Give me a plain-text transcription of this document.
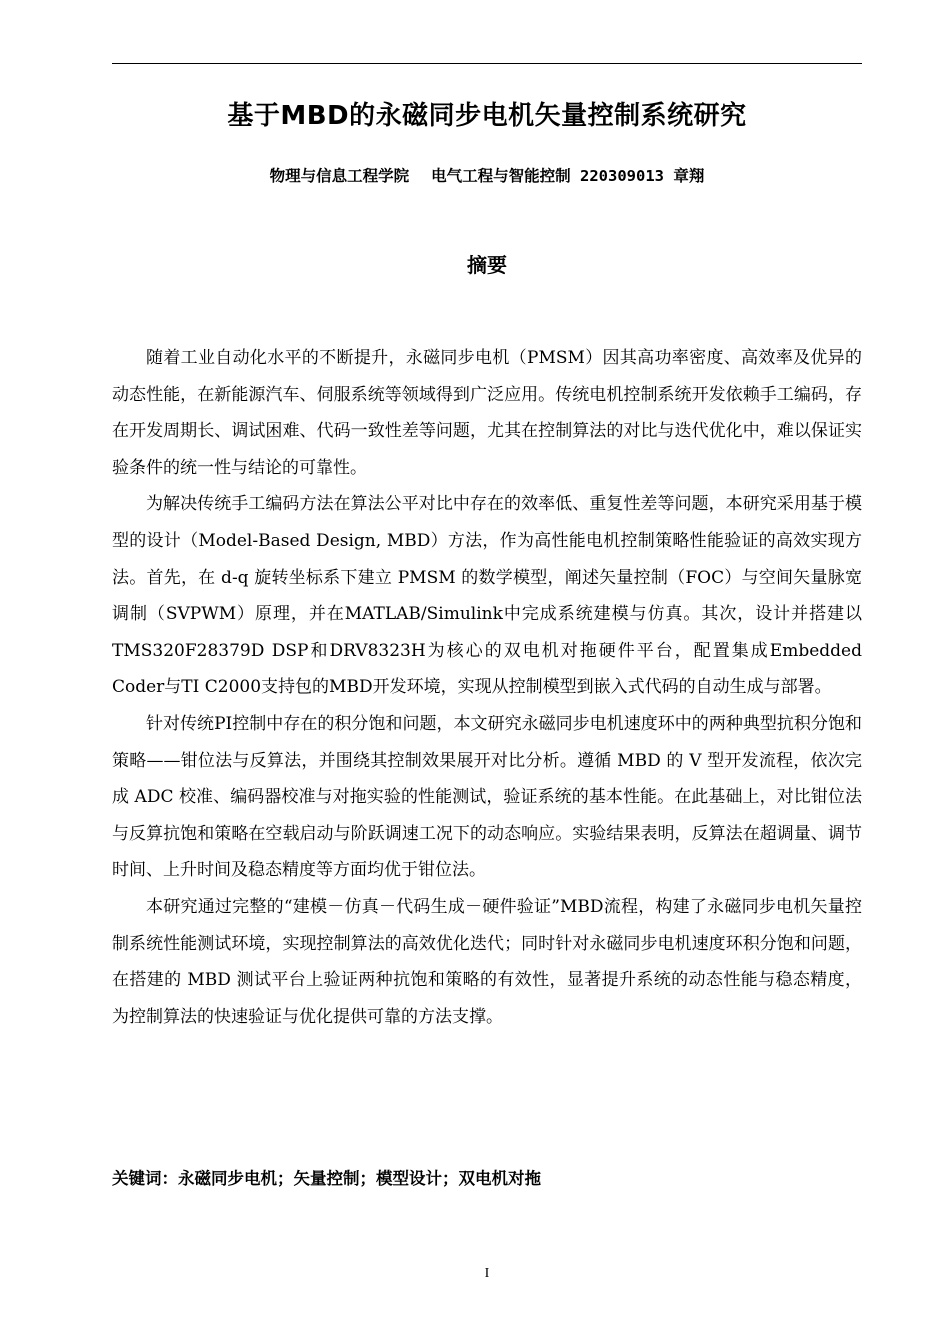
基于MBD的永磁同步电机矢量控制系统研究
物理与信息工程学院 电气工程与智能控制 220309013 章翔
摘要

随着工业自动化水平的不断提升，永磁同步电机（PMSM）因其高功率密度、高效率及优异的动态性能，在新能源汽车、伺服系统等领域得到广泛应用。传统电机控制系统开发依赖手工编码，存在开发周期长、调试困难、代码一致性差等问题，尤其在控制算法的对比与迭代优化中，难以保证实验条件的统一性与结论的可靠性。

为解决传统手工编码方法在算法公平对比中存在的效率低、重复性差等问题，本研究采用基于模型的设计（Model-Based Design, MBD）方法，作为高性能电机控制策略性能验证的高效实现方法。首先，在 d-q 旋转坐标系下建立 PMSM 的数学模型，阐述矢量控制（FOC）与空间矢量脉宽调制（SVPWM）原理，并在MATLAB/Simulink中完成系统建模与仿真。其次，设计并搭建以TMS320F28379D DSP和DRV8323H为核心的双电机对拖硬件平台，配置集成Embedded Coder与TI C2000支持包的MBD开发环境，实现从控制模型到嵌入式代码的自动生成与部署。

针对传统PI控制中存在的积分饱和问题，本文研究永磁同步电机速度环中的两种典型抗积分饱和策略——钳位法与反算法，并围绕其控制效果展开对比分析。遵循 MBD 的 V 型开发流程，依次完成 ADC 校准、编码器校准与对拖实验的性能测试，验证系统的基本性能。在此基础上，对比钳位法与反算抗饱和策略在空载启动与阶跃调速工况下的动态响应。实验结果表明，反算法在超调量、调节时间、上升时间及稳态精度等方面均优于钳位法。

本研究通过完整的“建模－仿真－代码生成－硬件验证”MBD流程，构建了永磁同步电机矢量控制系统性能测试环境，实现控制算法的高效优化迭代；同时针对永磁同步电机速度环积分饱和问题，在搭建的 MBD 测试平台上验证两种抗饱和策略的有效性，显著提升系统的动态性能与稳态精度，为控制算法的快速验证与优化提供可靠的方法支撑。

关键词：永磁同步电机；矢量控制；模型设计；双电机对拖
I
